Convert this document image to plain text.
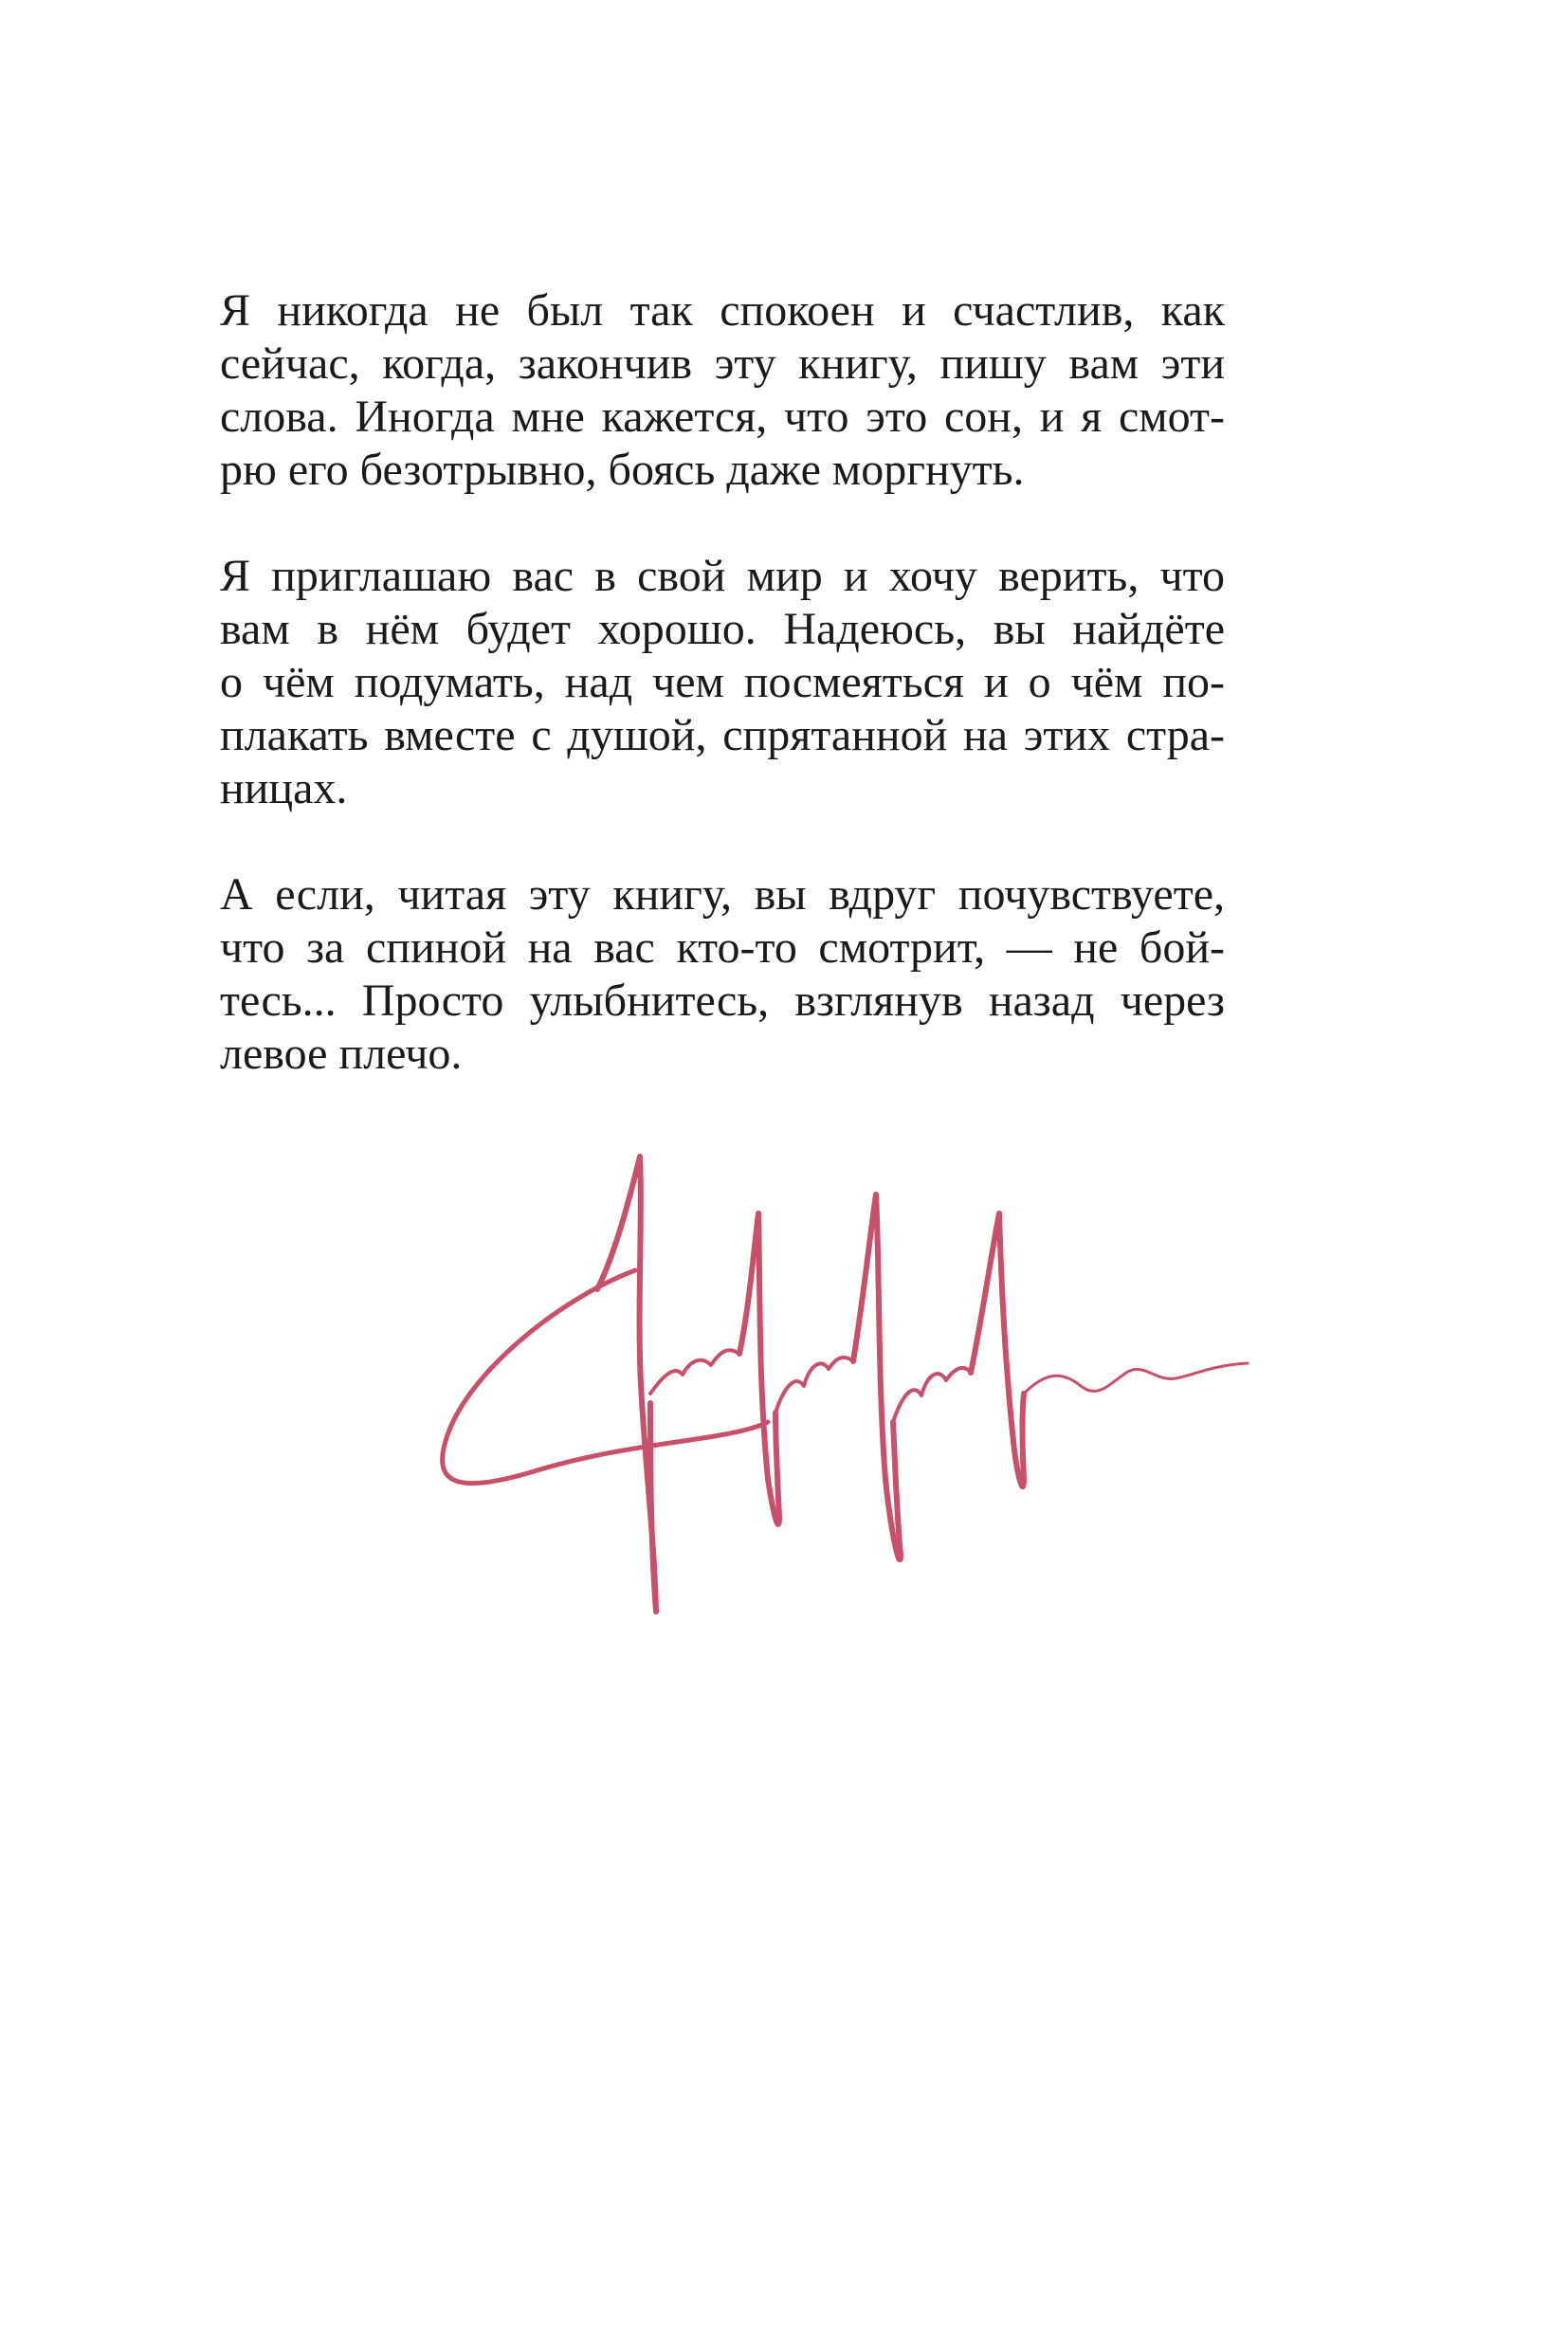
Я никогда не был так спокоен и счастлив, как
сейчас, когда, закончив эту книгу, пишу вам эти
слова. Иногда мне кажется, что это сон, и я смот-
рю его безотрывно, боясь даже моргнуть.

Я приглашаю вас в свой мир и хочу верить, что
вам в нём будет хорошо. Надеюсь, вы найдёте
о чём подумать, над чем посмеяться и о чём по-
плакать вместе с душой, спрятанной на этих стра-
ницах.

А если, читая эту книгу, вы вдруг почувствуете,
что за спиной на вас кто-то смотрит, — не бой-
тесь... Просто улыбнитесь, взглянув назад через
левое плечо.
